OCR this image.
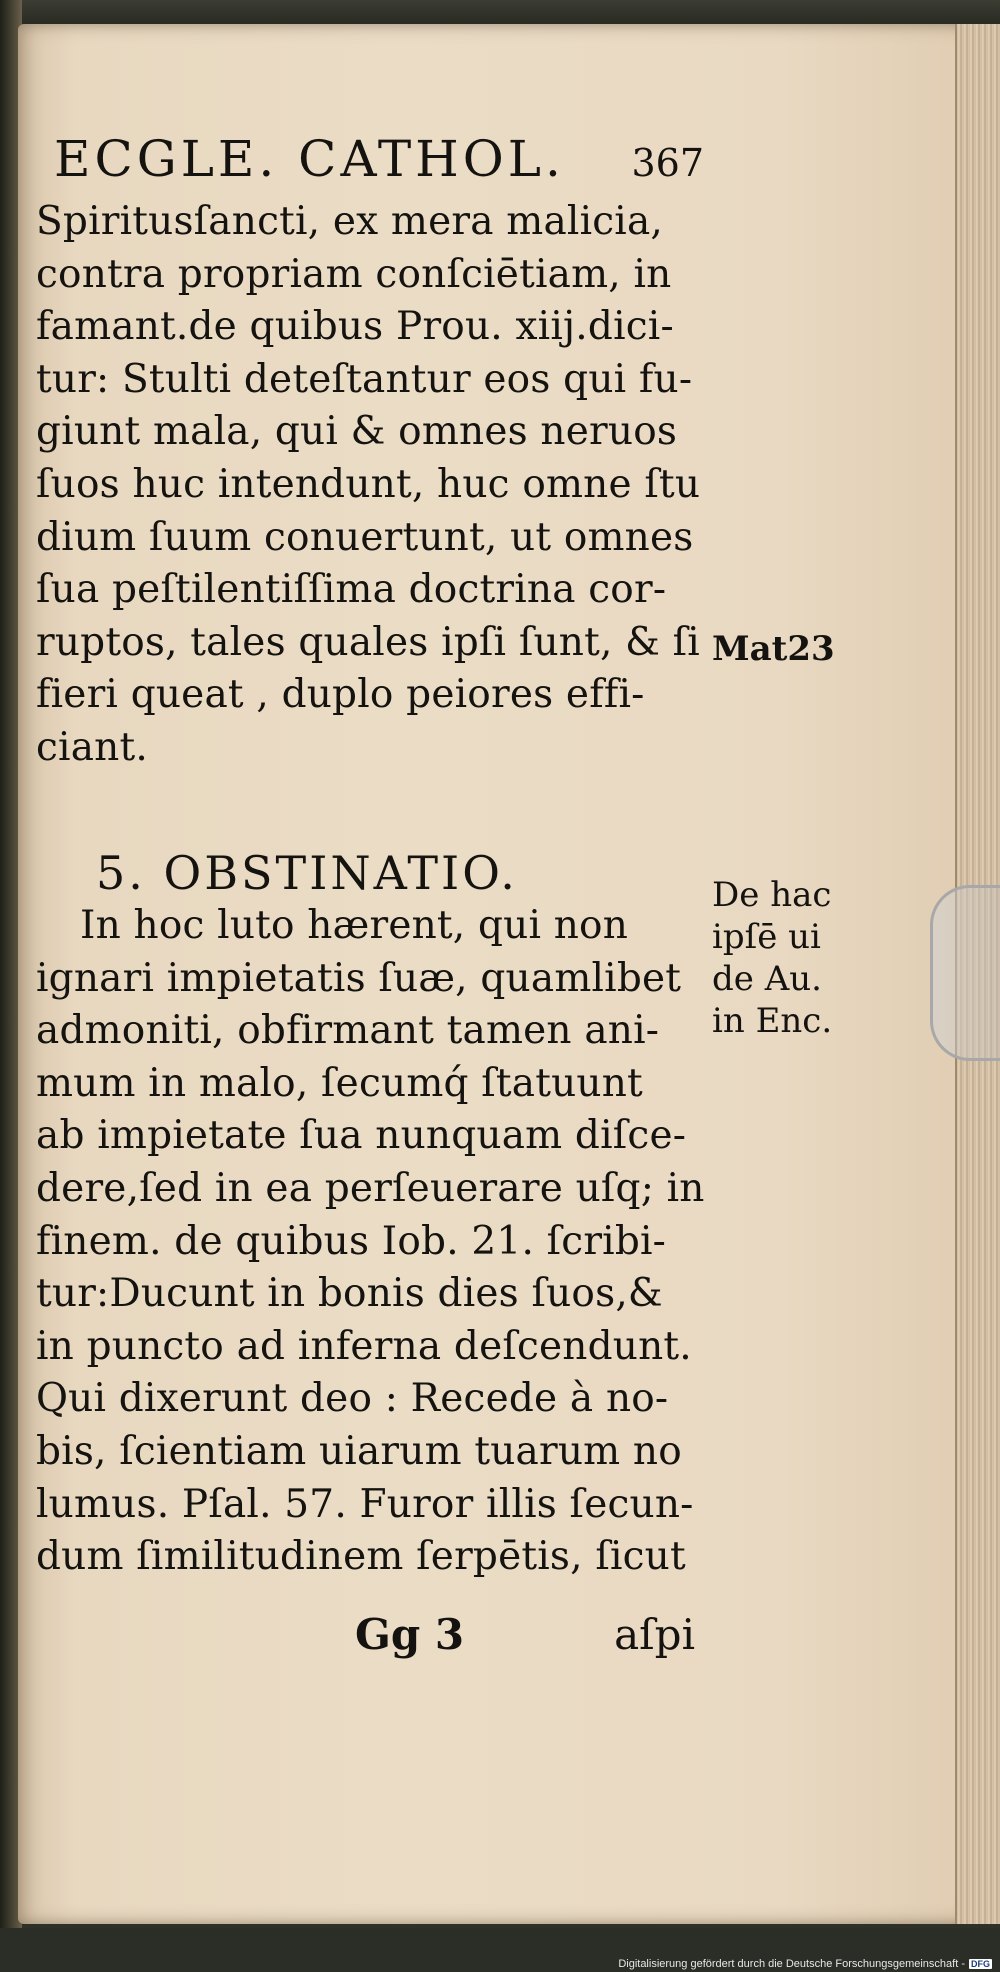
ECGLE. CATHOL. 367
Spiritusſancti, ex mera malicia,
contra propriam conſciētiam, in
famant.de quibus Prou. xiij.dici-
tur: Stulti deteſtantur eos qui fu-
giunt mala, qui & omnes neruos
ſuos huc intendunt, huc omne ſtu
dium ſuum conuertunt, ut omnes
ſua peſtilentiſſima doctrina cor-
ruptos, tales quales ipſi ſunt, & ſi
fieri queat , duplo peiores effi-
ciant.
5. OBSTINATIO.
In hoc luto hærent, qui non
ignari impietatis ſuæ, quamlibet
admoniti, obfirmant tamen ani-
mum in malo, ſecumq́ ſtatuunt
ab impietate ſua nunquam diſce-
dere,ſed in ea perſeuerare uſq; in
finem. de quibus Iob. 21. ſcribi-
tur:Ducunt in bonis dies ſuos,&
in puncto ad inferna deſcendunt.
Qui dixerunt deo : Recede à no-
bis, ſcientiam uiarum tuarum no
lumus. Pſal. 57. Furor illis ſecun-
dum ſimilitudinem ſerpētis, ſicut
Gg 3	aſpi
Mat23
De hac
ipſē ui
de Au.
in Enc.
Digitalisierung gefördert durch die Deutsche Forschungsgemeinschaft - DFG
